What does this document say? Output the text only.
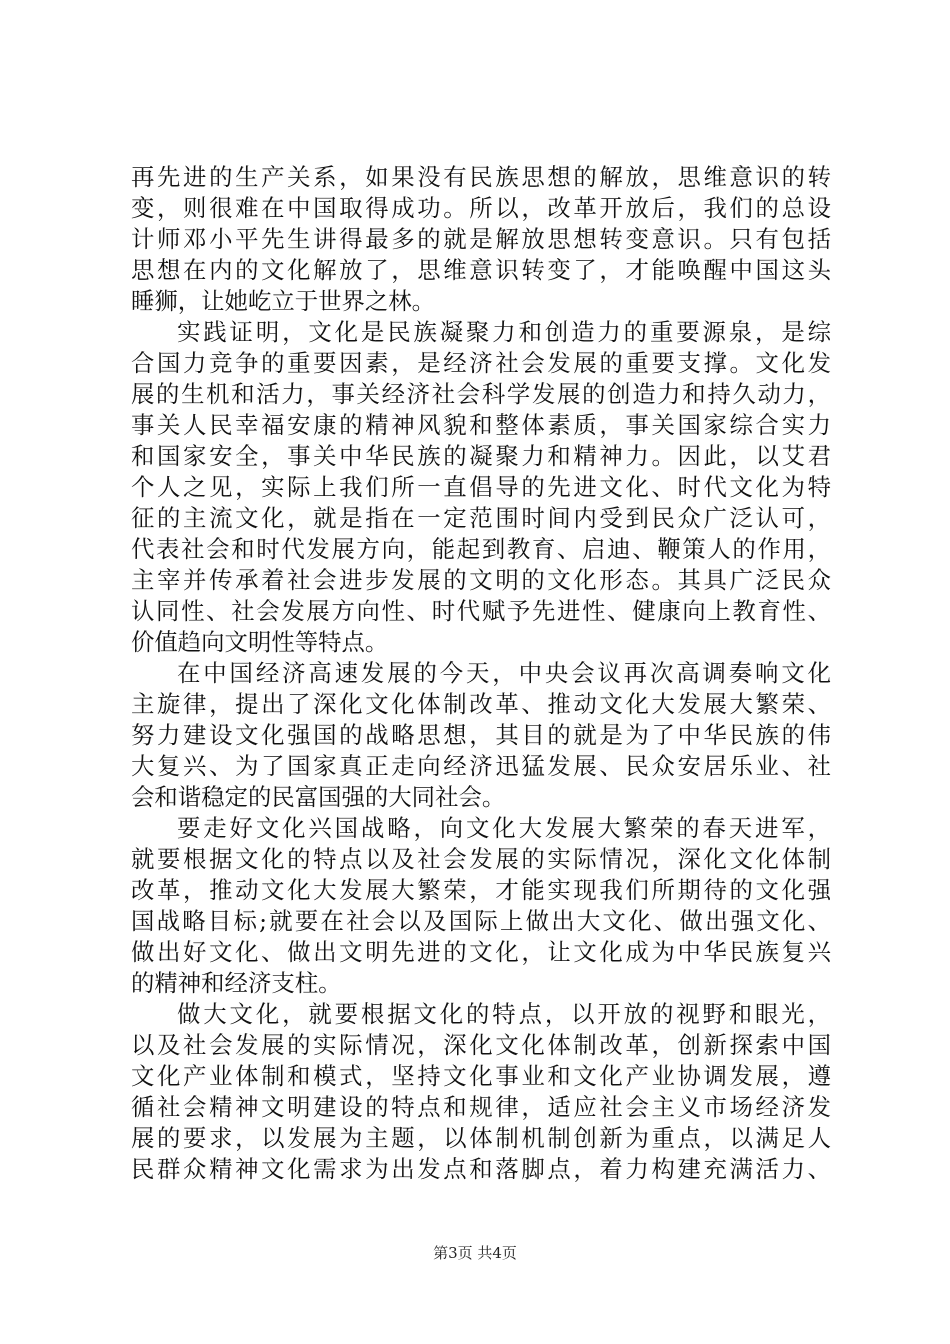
再先进的生产关系，如果没有民族思想的解放，思维意识的转
变，则很难在中国取得成功。所以，改革开放后，我们的总设
计师邓小平先生讲得最多的就是解放思想转变意识。只有包括
思想在内的文化解放了，思维意识转变了，才能唤醒中国这头
睡狮，让她屹立于世界之林。
实践证明，文化是民族凝聚力和创造力的重要源泉，是综
合国力竞争的重要因素，是经济社会发展的重要支撑。文化发
展的生机和活力，事关经济社会科学发展的创造力和持久动力，
事关人民幸福安康的精神风貌和整体素质，事关国家综合实力
和国家安全，事关中华民族的凝聚力和精神力。因此，以艾君
个人之见，实际上我们所一直倡导的先进文化、时代文化为特
征的主流文化，就是指在一定范围时间内受到民众广泛认可，
代表社会和时代发展方向，能起到教育、启迪、鞭策人的作用，
主宰并传承着社会进步发展的文明的文化形态。其具广泛民众
认同性、社会发展方向性、时代赋予先进性、健康向上教育性、
价值趋向文明性等特点。
在中国经济高速发展的今天，中央会议再次高调奏响文化
主旋律，提出了深化文化体制改革、推动文化大发展大繁荣、
努力建设文化强国的战略思想，其目的就是为了中华民族的伟
大复兴、为了国家真正走向经济迅猛发展、民众安居乐业、社
会和谐稳定的民富国强的大同社会。
要走好文化兴国战略，向文化大发展大繁荣的春天进军，
就要根据文化的特点以及社会发展的实际情况，深化文化体制
改革，推动文化大发展大繁荣，才能实现我们所期待的文化强
国战略目标;就要在社会以及国际上做出大文化、做出强文化、
做出好文化、做出文明先进的文化，让文化成为中华民族复兴
的精神和经济支柱。
做大文化，就要根据文化的特点，以开放的视野和眼光，
以及社会发展的实际情况，深化文化体制改革，创新探索中国
文化产业体制和模式，坚持文化事业和文化产业协调发展，遵
循社会精神文明建设的特点和规律，适应社会主义市场经济发
展的要求，以发展为主题，以体制机制创新为重点，以满足人
民群众精神文化需求为出发点和落脚点，着力构建充满活力、
第3页 共4页
